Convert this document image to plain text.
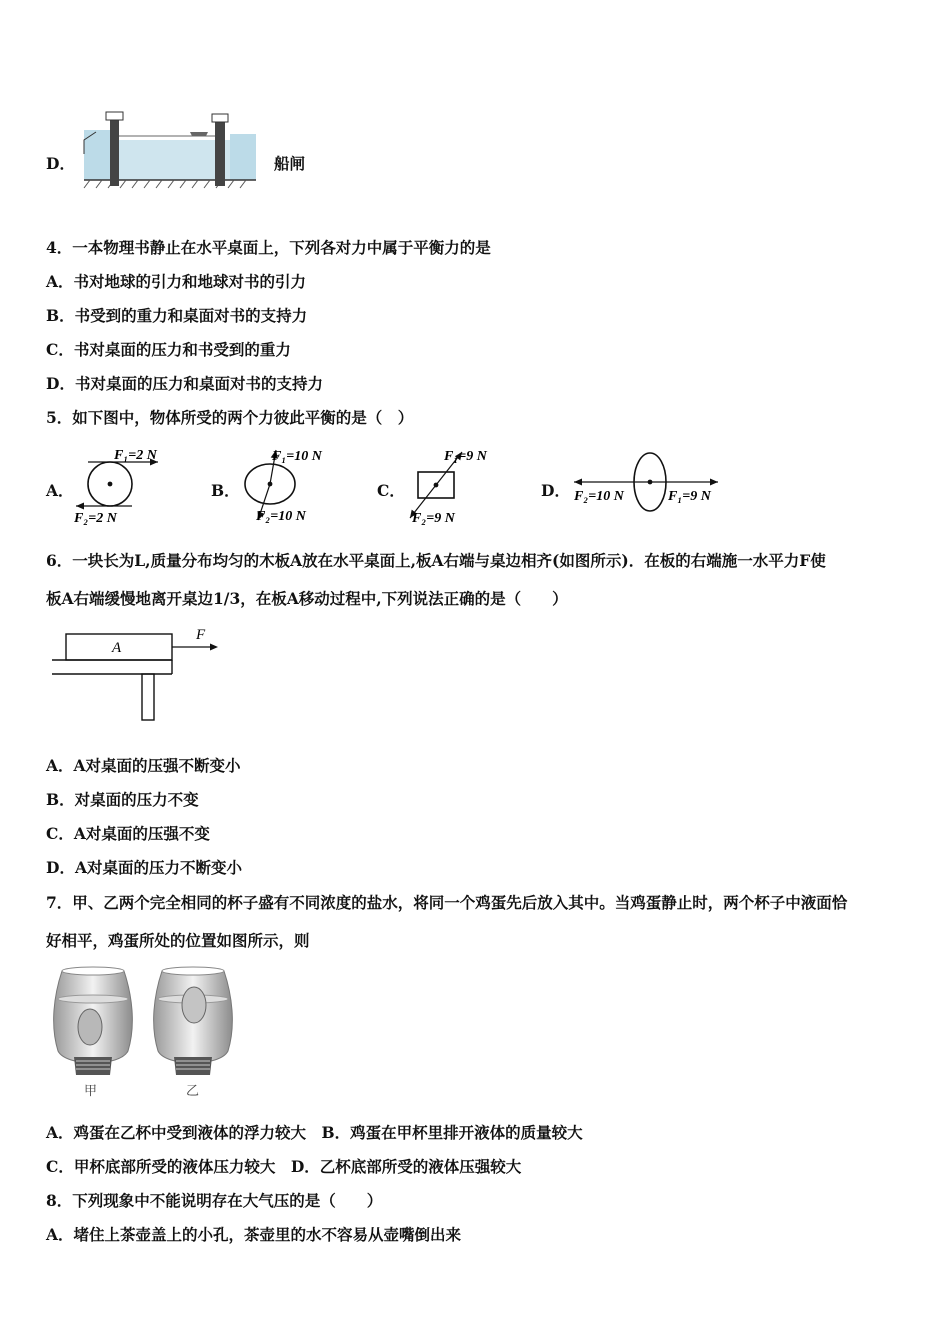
D．	船闸
4．一本物理书静止在水平桌面上，下列各对力中属于平衡力的是
A．书对地球的引力和地球对书的引力
B．书受到的重力和桌面对书的支持力
C．书对桌面的压力和书受到的重力
D．书对桌面的压力和桌面对书的支持力
5．如下图中，物体所受的两个力彼此平衡的是（　）
A．
F₁=2 N
F₂=2 N
B．
F₁=10 N
F₂=10 N
C．
F₁=9 N
F₂=9 N
D． F₂=10 N	F₁=9 N
6．一块长为L,质量分布均匀的木板A放在水平桌面上,板A右端与桌边相齐(如图所示)．在板的右端施一水平力F使
板A右端缓慢地离开桌边1/3，在板A移动过程中,下列说法正确的是（　　）
A
F
A．A对桌面的压强不断变小
B．对桌面的压力不变
C．A对桌面的压强不变
D．A对桌面的压力不断变小
7．甲、乙两个完全相同的杯子盛有不同浓度的盐水，将同一个鸡蛋先后放入其中。当鸡蛋静止时，两个杯子中液面恰
好相平，鸡蛋所处的位置如图所示，则
甲	乙
A．鸡蛋在乙杯中受到液体的浮力较大　B．鸡蛋在甲杯里排开液体的质量较大
C．甲杯底部所受的液体压力较大　D．乙杯底部所受的液体压强较大
8．下列现象中不能说明存在大气压的是（　　）
A．堵住上茶壶盖上的小孔，茶壶里的水不容易从壶嘴倒出来
